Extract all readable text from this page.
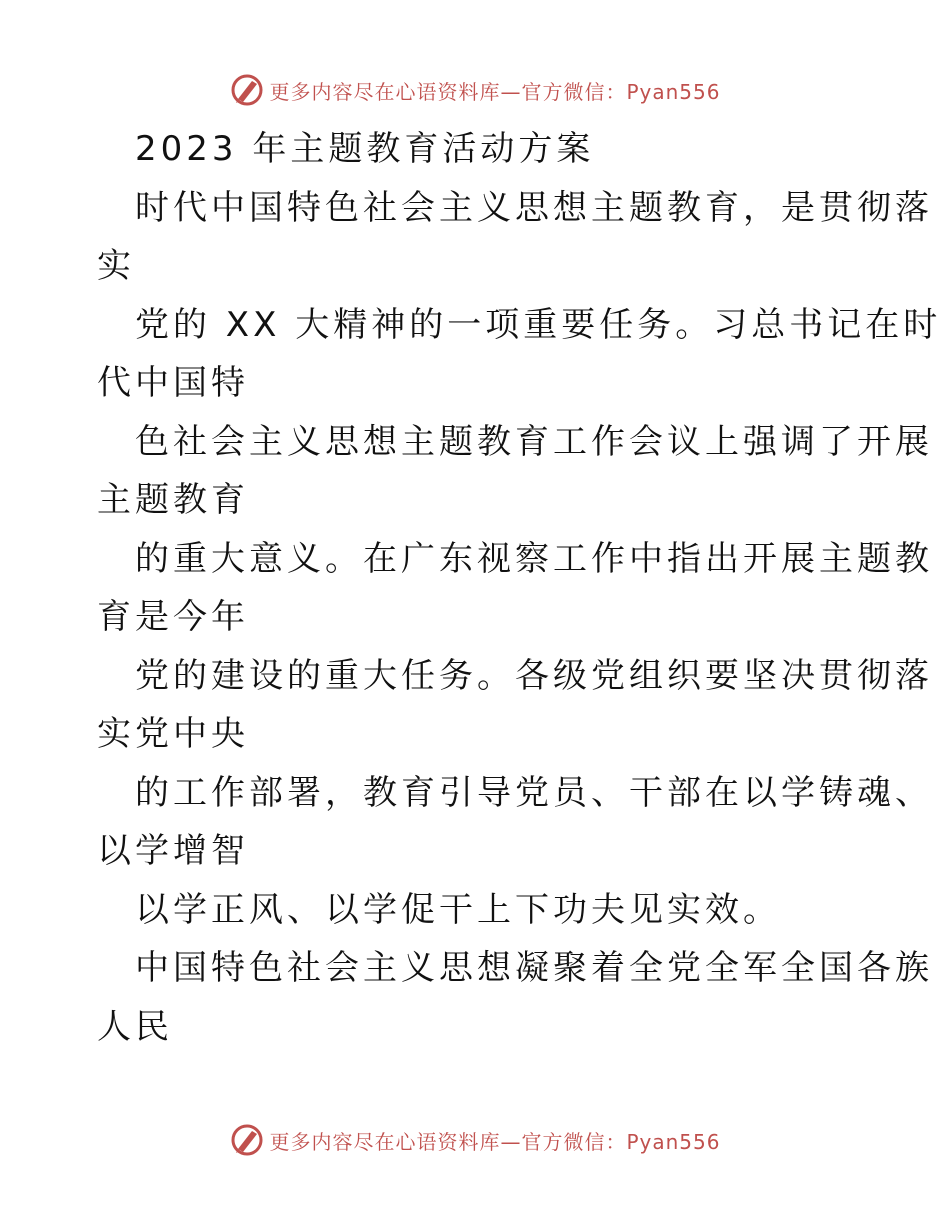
更多内容尽在心语资料库—官方微信：Pyan556
2023 年主题教育活动方案
时代中国特色社会主义思想主题教育，是贯彻落
实
党的 XX 大精神的一项重要任务。习总书记在时
代中国特
色社会主义思想主题教育工作会议上强调了开展
主题教育
的重大意义。在广东视察工作中指出开展主题教
育是今年
党的建设的重大任务。各级党组织要坚决贯彻落
实党中央
的工作部署，教育引导党员、干部在以学铸魂、
以学增智
以学正风、以学促干上下功夫见实效。
中国特色社会主义思想凝聚着全党全军全国各族
人民
更多内容尽在心语资料库—官方微信：Pyan556
